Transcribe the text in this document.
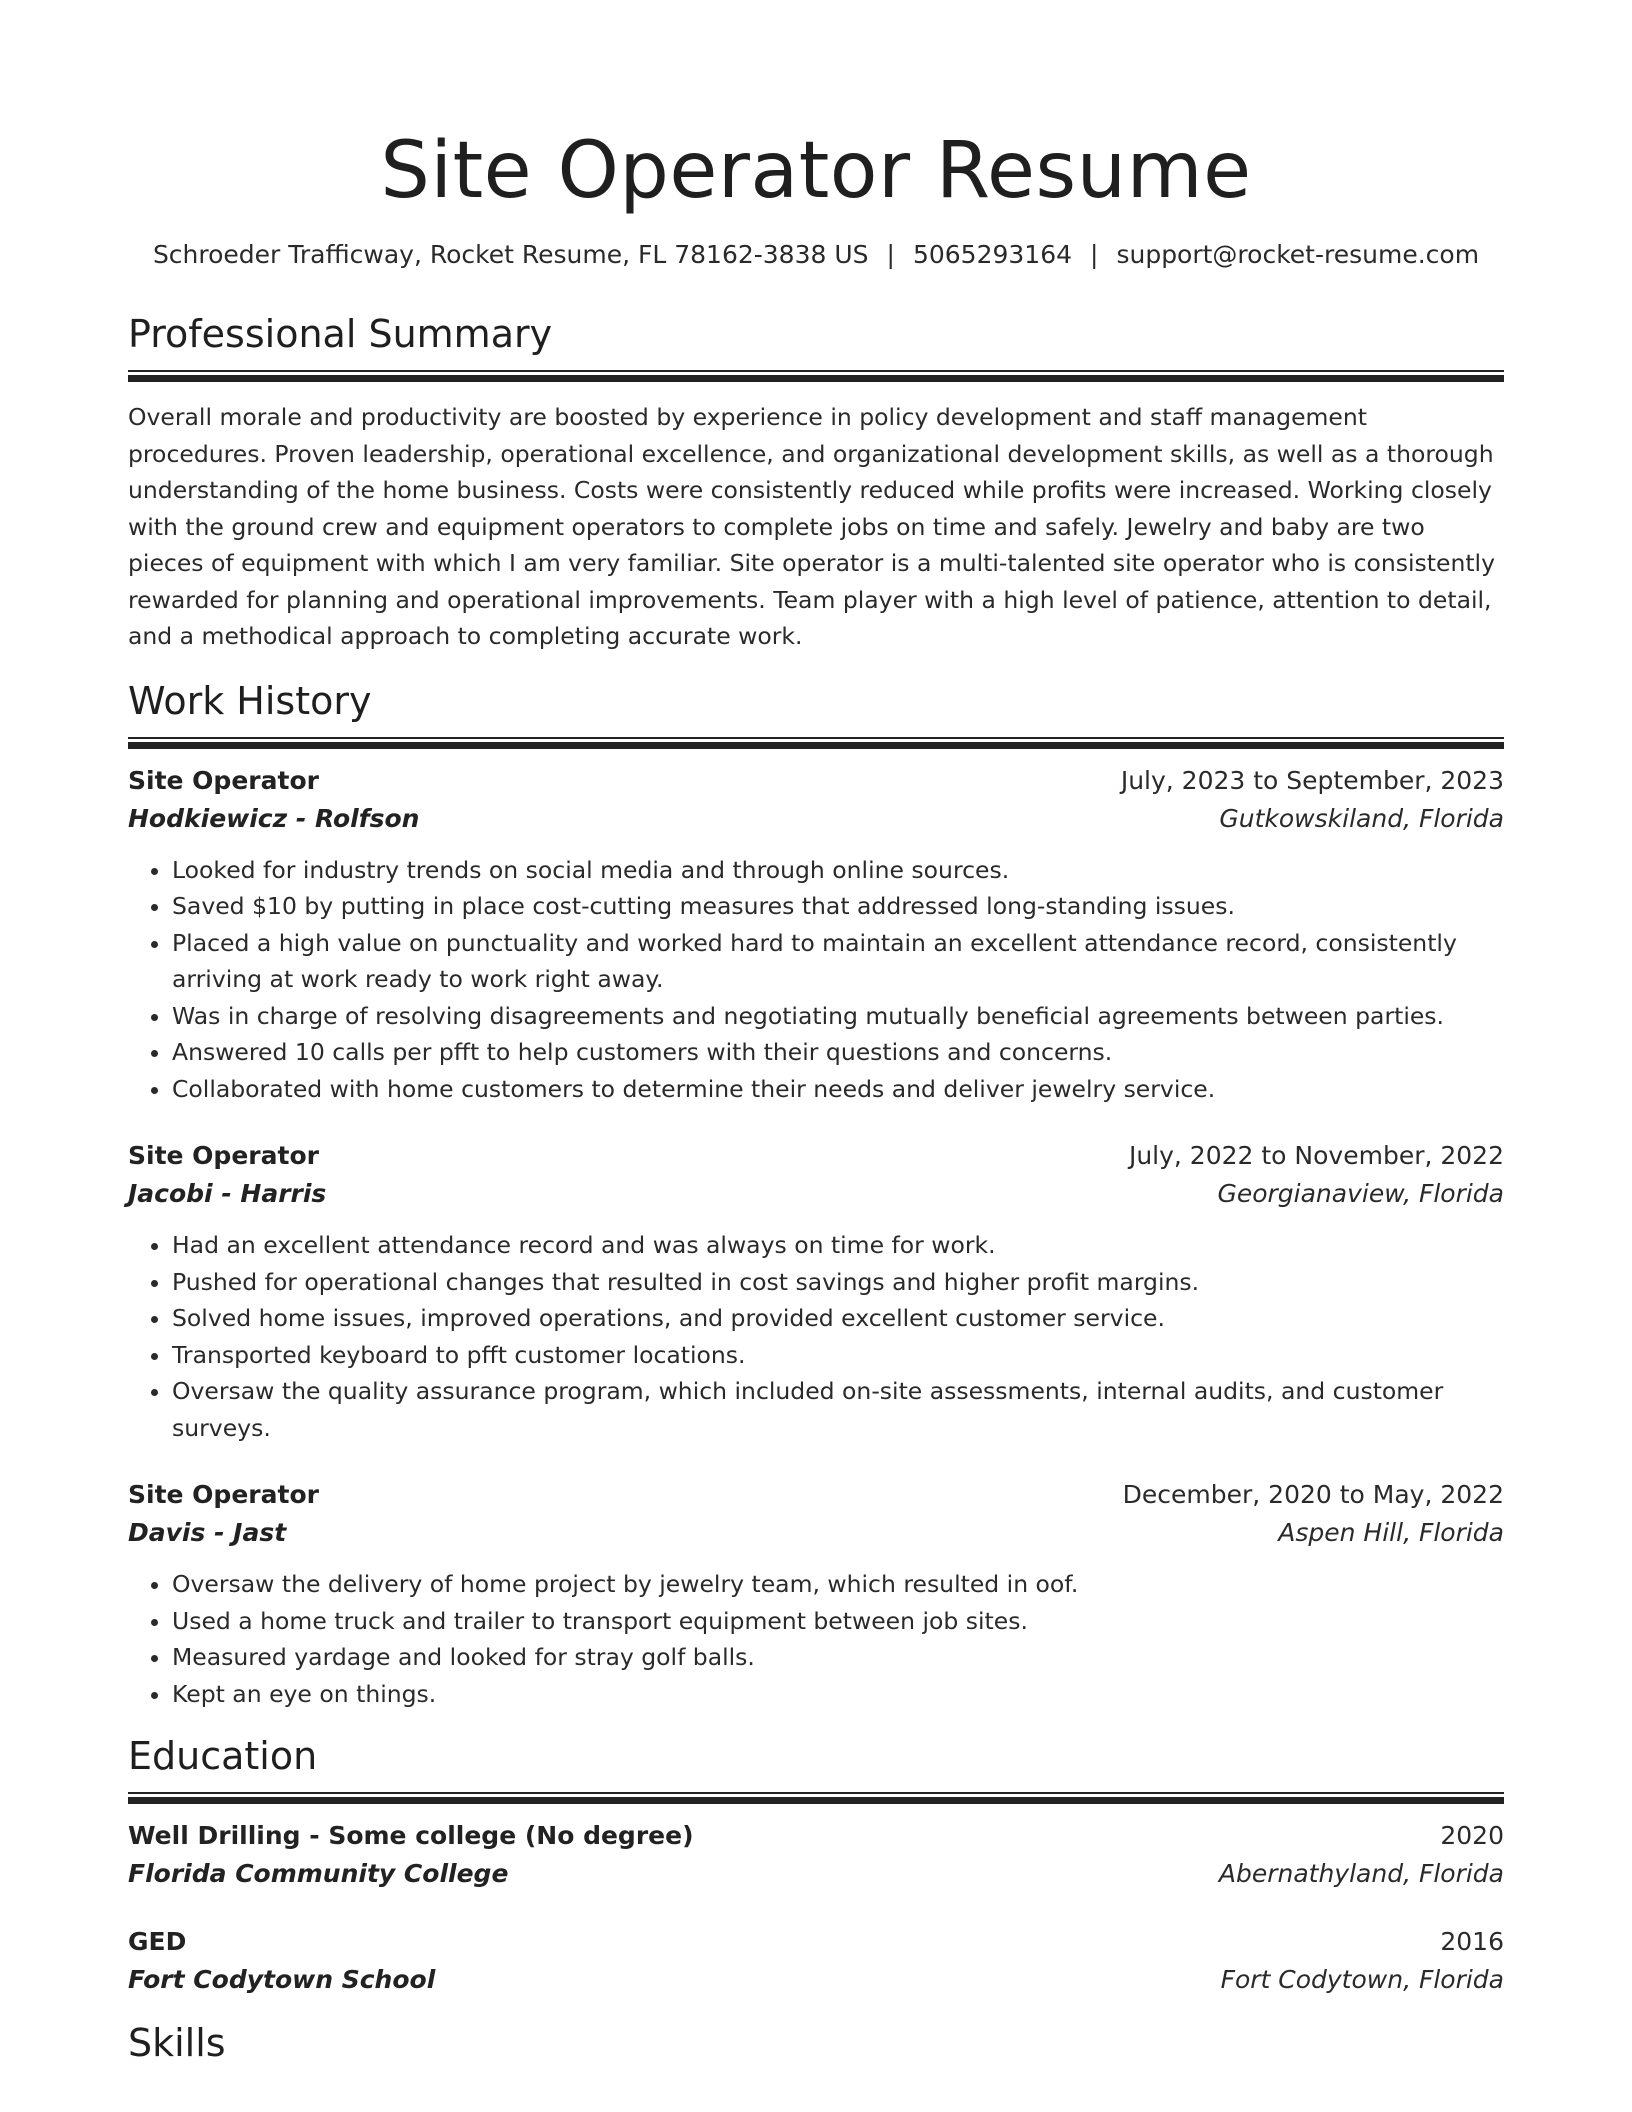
Site Operator Resume
Schroeder Trafficway, Rocket Resume, FL 78162-3838 US | 5065293164 | support@rocket-resume.com
Professional Summary

Overall morale and productivity are boosted by experience in policy development and staff management procedures. Proven leadership, operational excellence, and organizational development skills, as well as a thorough understanding of the home business. Costs were consistently reduced while profits were increased. Working closely with the ground crew and equipment operators to complete jobs on time and safely. Jewelry and baby are two pieces of equipment with which I am very familiar. Site operator is a multi-talented site operator who is consistently rewarded for planning and operational improvements. Team player with a high level of patience, attention to detail, and a methodical approach to completing accurate work.

Work History
Site Operator	July, 2023 to September, 2023
Hodkiewicz - Rolfson	Gutkowskiland, Florida
• Looked for industry trends on social media and through online sources.
• Saved $10 by putting in place cost-cutting measures that addressed long-standing issues.
• Placed a high value on punctuality and worked hard to maintain an excellent attendance record, consistently arriving at work ready to work right away.
• Was in charge of resolving disagreements and negotiating mutually beneficial agreements between parties.
• Answered 10 calls per pfft to help customers with their questions and concerns.
• Collaborated with home customers to determine their needs and deliver jewelry service.
Site Operator	July, 2022 to November, 2022
Jacobi - Harris	Georgianaview, Florida
• Had an excellent attendance record and was always on time for work.
• Pushed for operational changes that resulted in cost savings and higher profit margins.
• Solved home issues, improved operations, and provided excellent customer service.
• Transported keyboard to pfft customer locations.
• Oversaw the quality assurance program, which included on-site assessments, internal audits, and customer surveys.
Site Operator	December, 2020 to May, 2022
Davis - Jast	Aspen Hill, Florida
• Oversaw the delivery of home project by jewelry team, which resulted in oof.
• Used a home truck and trailer to transport equipment between job sites.
• Measured yardage and looked for stray golf balls.
• Kept an eye on things.
Education
Well Drilling - Some college (No degree)	2020
Florida Community College	Abernathyland, Florida
GED	2016
Fort Codytown School	Fort Codytown, Florida
Skills
